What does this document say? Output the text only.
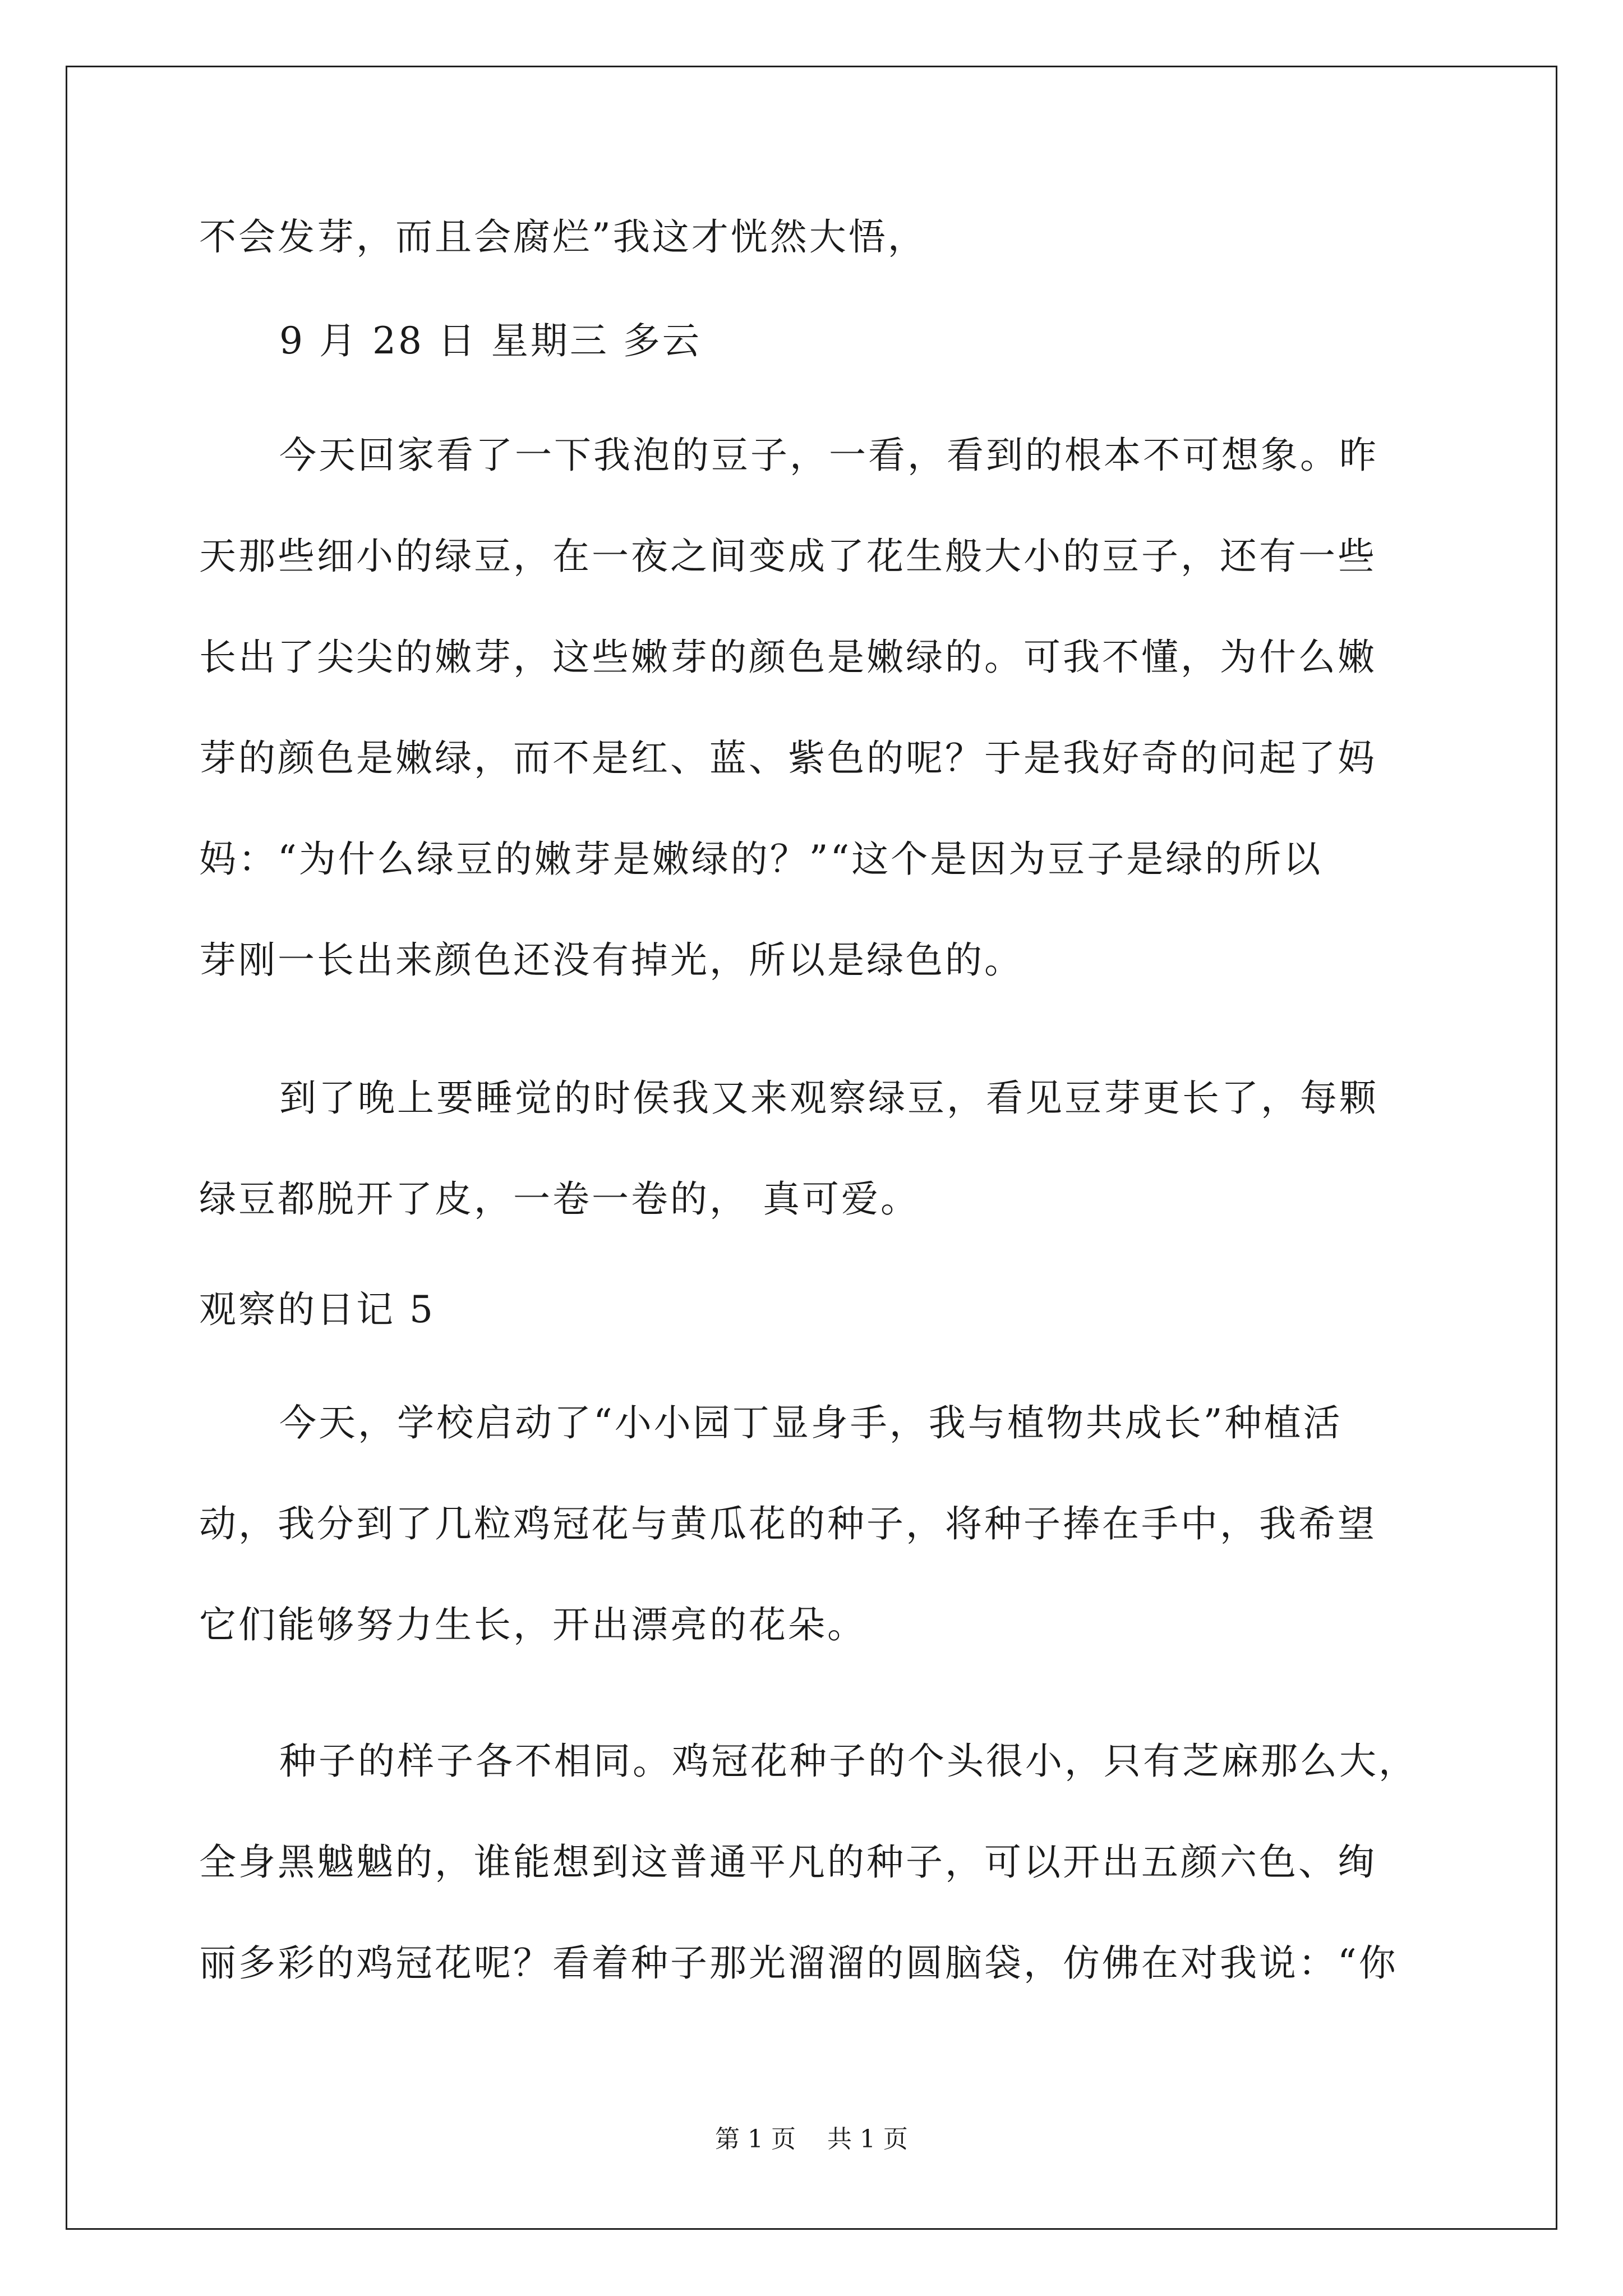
不会发芽，而且会腐烂”我这才恍然大悟，
9 月 28 日 星期三 多云
今天回家看了一下我泡的豆子，一看，看到的根本不可想象。昨
天那些细小的绿豆，在一夜之间变成了花生般大小的豆子，还有一些
长出了尖尖的嫩芽，这些嫩芽的颜色是嫩绿的。可我不懂，为什么嫩
芽的颜色是嫩绿，而不是红、蓝、紫色的呢？于是我好奇的问起了妈
妈：“为什么绿豆的嫩芽是嫩绿的？”“这个是因为豆子是绿的所以
芽刚一长出来颜色还没有掉光，所以是绿色的。
到了晚上要睡觉的时侯我又来观察绿豆，看见豆芽更长了，每颗
绿豆都脱开了皮，一卷一卷的， 真可爱。
观察的日记 5
今天，学校启动了“小小园丁显身手，我与植物共成长”种植活
动，我分到了几粒鸡冠花与黄瓜花的种子，将种子捧在手中，我希望
它们能够努力生长，开出漂亮的花朵。
种子的样子各不相同。鸡冠花种子的个头很小，只有芝麻那么大，
全身黑魆魆的，谁能想到这普通平凡的种子，可以开出五颜六色、绚
丽多彩的鸡冠花呢？看着种子那光溜溜的圆脑袋，仿佛在对我说：“你
第 1 页    共 1 页
